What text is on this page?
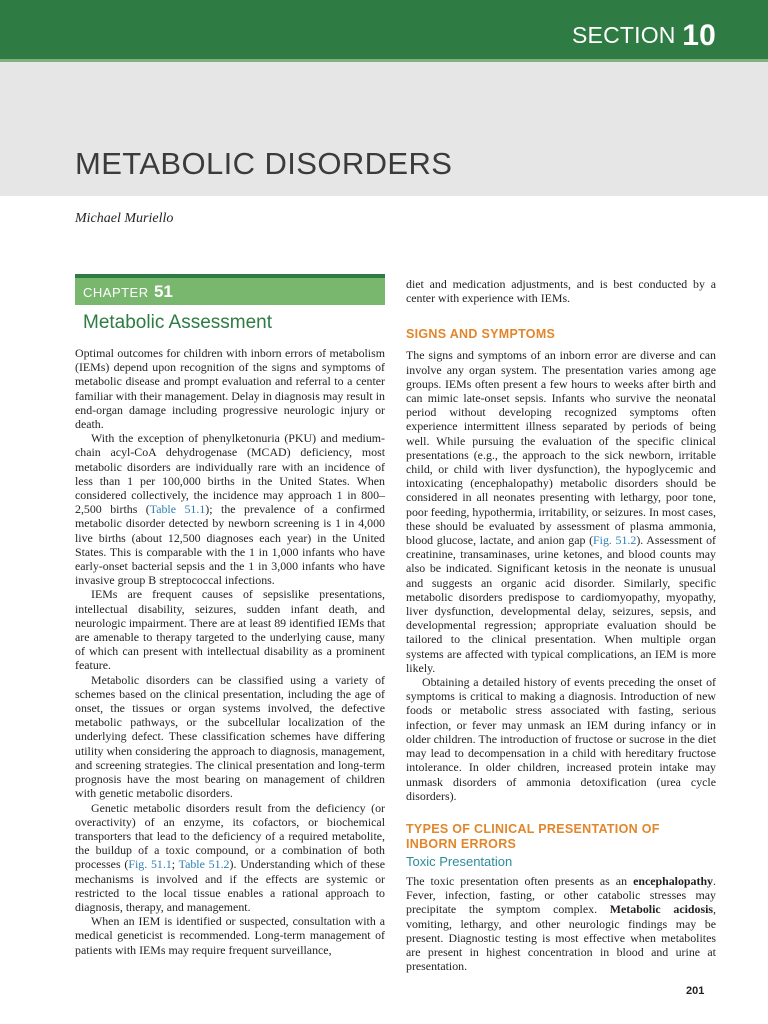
SECTION 10
METABOLIC DISORDERS
Michael Muriello
CHAPTER 51
Metabolic Assessment

Optimal outcomes for children with inborn errors of metabolism (IEMs) depend upon recognition of the signs and symptoms of metabolic disease and prompt evaluation and referral to a center familiar with their management. Delay in diagnosis may result in end-organ damage including progressive neurologic injury or death.

With the exception of phenylketonuria (PKU) and medium-chain acyl-CoA dehydrogenase (MCAD) deficiency, most metabolic disorders are individually rare with an incidence of less than 1 per 100,000 births in the United States. When considered collectively, the incidence may approach 1 in 800–2,500 births (Table 51.1); the prevalence of a confirmed metabolic disorder detected by newborn screening is 1 in 4,000 live births (about 12,500 diagnoses each year) in the United States. This is comparable with the 1 in 1,000 infants who have early-onset bacterial sepsis and the 1 in 3,000 infants who have invasive group B streptococcal infections.

IEMs are frequent causes of sepsislike presentations, intellectual disability, seizures, sudden infant death, and neurologic impairment. There are at least 89 identified IEMs that are amenable to therapy targeted to the underlying cause, many of which can present with intellectual disability as a prominent feature.

Metabolic disorders can be classified using a variety of schemes based on the clinical presentation, including the age of onset, the tissues or organ systems involved, the defective metabolic pathways, or the subcellular localization of the underlying defect. These classification schemes have differing utility when considering the approach to diagnosis, management, and screening strategies. The clinical presentation and long-term prognosis have the most bearing on management of children with genetic metabolic disorders.

Genetic metabolic disorders result from the deficiency (or overactivity) of an enzyme, its cofactors, or biochemical transporters that lead to the deficiency of a required metabolite, the buildup of a toxic compound, or a combination of both processes (Fig. 51.1; Table 51.2). Understanding which of these mechanisms is involved and if the effects are systemic or restricted to the local tissue enables a rational approach to diagnosis, therapy, and management.

When an IEM is identified or suspected, consultation with a medical geneticist is recommended. Long-term management of patients with IEMs may require frequent surveillance,

diet and medication adjustments, and is best conducted by a center with experience with IEMs.

SIGNS AND SYMPTOMS

The signs and symptoms of an inborn error are diverse and can involve any organ system. The presentation varies among age groups. IEMs often present a few hours to weeks after birth and can mimic late-onset sepsis. Infants who survive the neonatal period without developing recognized symptoms often experience intermittent illness separated by periods of being well. While pursuing the evaluation of the specific clinical presentations (e.g., the approach to the sick newborn, irritable child, or child with liver dysfunction), the hypoglycemic and intoxicating (encephalopathy) metabolic disorders should be considered in all neonates presenting with lethargy, poor tone, poor feeding, hypothermia, irritability, or seizures. In most cases, these should be evaluated by assessment of plasma ammonia, blood glucose, lactate, and anion gap (Fig. 51.2). Assessment of creatinine, transaminases, urine ketones, and blood counts may also be indicated. Significant ketosis in the neonate is unusual and suggests an organic acid disorder. Similarly, specific metabolic disorders predispose to cardiomyopathy, myopathy, liver dysfunction, developmental delay, seizures, sepsis, and developmental regression; appropriate evaluation should be tailored to the clinical presentation. When multiple organ systems are affected with typical complications, an IEM is more likely.

Obtaining a detailed history of events preceding the onset of symptoms is critical to making a diagnosis. Introduction of new foods or metabolic stress associated with fasting, serious infection, or fever may unmask an IEM during infancy or in older children. The introduction of fructose or sucrose in the diet may lead to decompensation in a child with hereditary fructose intolerance. In older children, increased protein intake may unmask disorders of ammonia detoxification (urea cycle disorders).

TYPES OF CLINICAL PRESENTATION OF
INBORN ERRORS
Toxic Presentation

The toxic presentation often presents as an encephalopathy. Fever, infection, fasting, or other catabolic stresses may precipitate the symptom complex. Metabolic acidosis, vomiting, lethargy, and other neurologic findings may be present. Diagnostic testing is most effective when metabolites are present in highest concentration in blood and urine at presentation.

201
